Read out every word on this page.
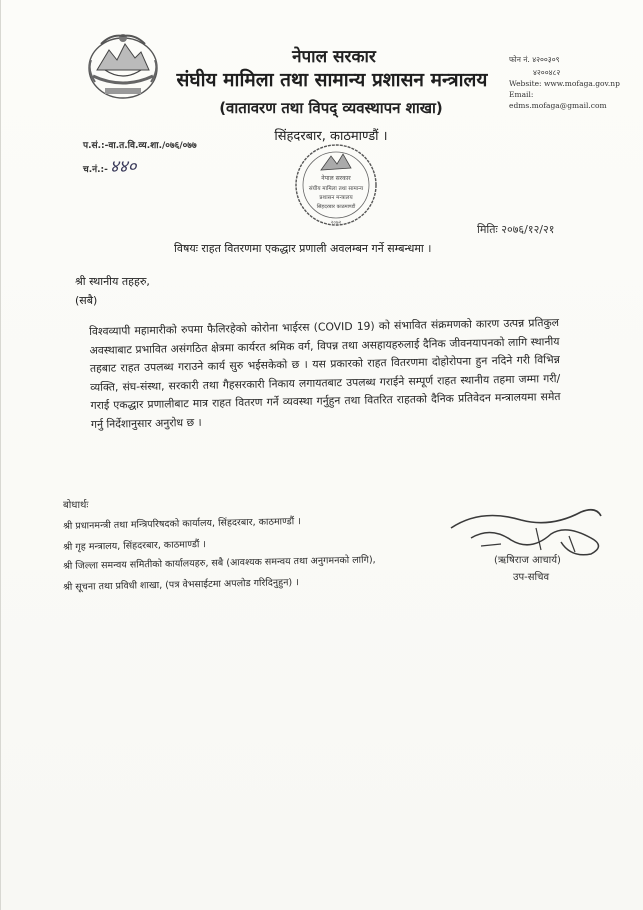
नेपाल सरकार
संघीय मामिला तथा सामान्य प्रशासन मन्त्रालय
(वातावरण तथा विपद् व्यवस्थापन शाखा)
सिंहदरबार, काठमाण्डौं ।
फोन नं. ४२००३०९
४२००४८२
Website: www.mofaga.gov.np
Email:
edms.mofaga@gmail.com
प.सं.:-वा.त.वि.व्य.शा./०७६/०७७
च.नं.:- ४४०
नेपाल सरकार
संघीय मामिला तथा सामान्य
प्रशासन मन्त्रालय
सिंहदरबार काठमाण्डौं
२०७२	मितिः २०७६/१२/२१
विषयः राहत वितरणमा एकद्धार प्रणाली अवलम्बन गर्ने सम्बन्धमा ।
श्री स्थानीय तहहरु,
(सबै)
विश्वव्यापी महामारीको रुपमा फैलिरहेको कोरोना भाईरस (COVID 19) को संभावित संक्रमणको कारण उत्पन्न प्रतिकुल अवस्थाबाट प्रभावित असंगठित क्षेत्रमा कार्यरत श्रमिक वर्ग, विपन्न तथा असहायहरुलाई दैनिक जीवनयापनको लागि स्थानीय तहबाट राहत उपलब्ध गराउने कार्य सुरु भईसकेको छ । यस प्रकारको राहत वितरणमा दोहोरोपना हुन नदिने गरी विभिन्न व्यक्ति, संघ-संस्था, सरकारी तथा गैहसरकारी निकाय लगायतबाट उपलब्ध गराईने सम्पूर्ण राहत स्थानीय तहमा जम्मा गरी/गराई एकद्धार प्रणालीबाट मात्र राहत वितरण गर्ने व्यवस्था गर्नुहुन तथा वितरित राहतको दैनिक प्रतिवेदन मन्त्रालयमा समेत गर्नु निर्देशानुसार अनुरोध छ ।
बोधार्थः
श्री प्रधानमन्त्री तथा मन्त्रिपरिषदको कार्यालय, सिंहदरबार, काठमाण्डौं ।
श्री गृह मन्त्रालय, सिंहदरबार, काठमाण्डौं ।
श्री जिल्ला समन्वय समितीको कार्यालयहरु, सबै (आवश्यक समन्वय तथा अनुगमनको लागि),
श्री सूचना तथा प्रविधी शाखा, (पत्र वेभसाईटमा अपलोड गरिदिनुहुन) ।
(ऋषिराज आचार्य)
उप-सचिव
